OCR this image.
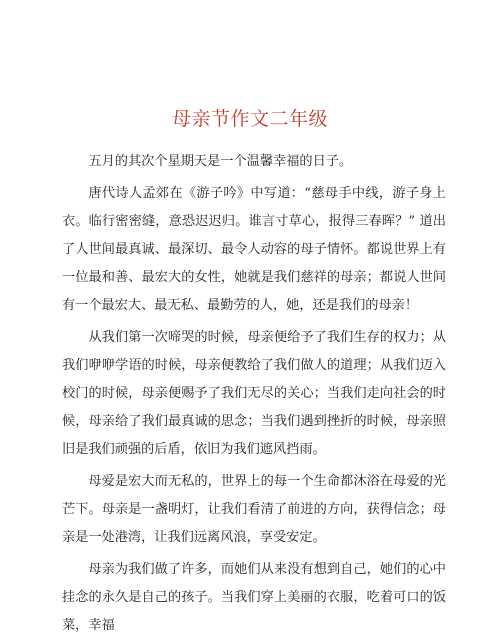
母亲节作文二年级

五月的其次个星期天是一个温馨幸福的日子。

唐代诗人孟郊在《游子吟》中写道：“慈母手中线，游子身上衣。临行密密缝，意恐迟迟归。谁言寸草心，报得三春晖？” 道出了人世间最真诚、最深切、最令人动容的母子情怀。都说世界上有一位最和善、最宏大的女性，她就是我们慈祥的母亲；都说人世间有一个最宏大、最无私、最勤劳的人，她，还是我们的母亲！

从我们第一次啼哭的时候，母亲便给予了我们生存的权力；从我们咿咿学语的时候，母亲便教给了我们做人的道理；从我们迈入校门的时候，母亲便赐予了我们无尽的关心；当我们走向社会的时候，母亲给了我们最真诚的思念；当我们遇到挫折的时候，母亲照旧是我们顽强的后盾，依旧为我们遮风挡雨。

母爱是宏大而无私的，世界上的每一个生命都沐浴在母爱的光芒下。母亲是一盏明灯，让我们看清了前进的方向，获得信念；母亲是一处港湾，让我们远离风浪，享受安定。

母亲为我们做了许多，而她们从来没有想到自己，她们的心中挂念的永久是自己的孩子。当我们穿上美丽的衣服，吃着可口的饭菜，幸福
